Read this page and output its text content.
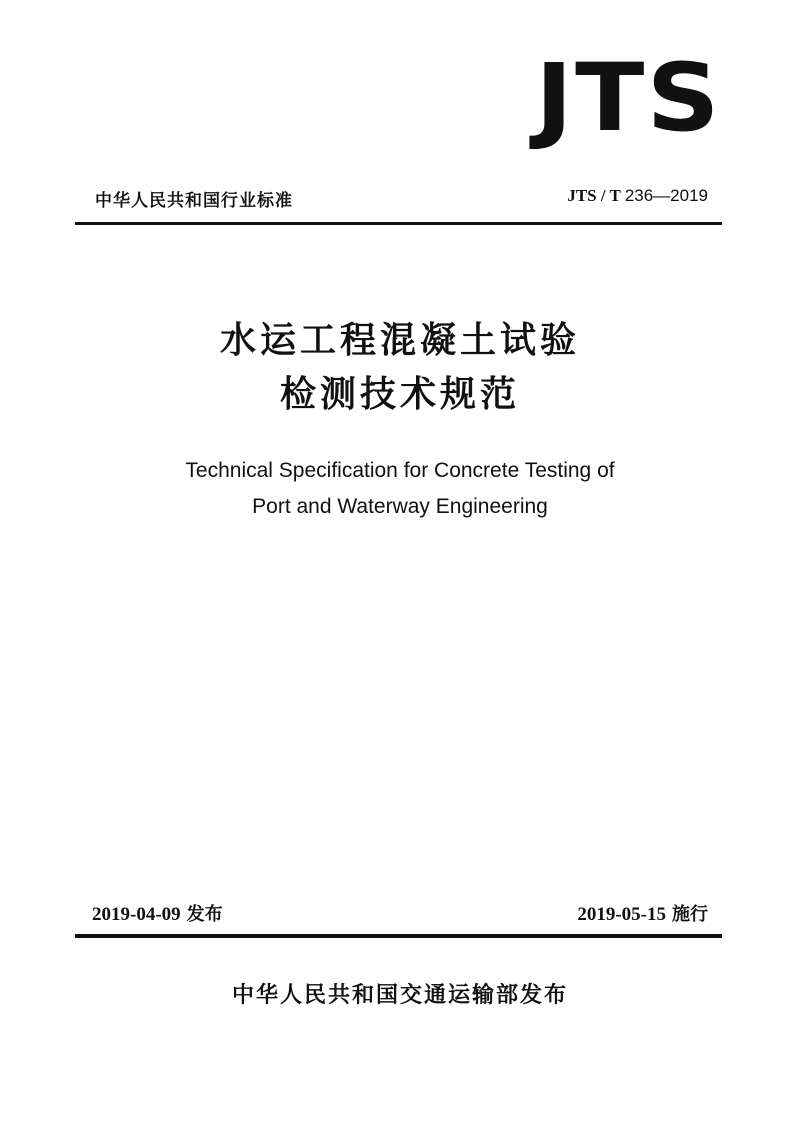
JTS
中华人民共和国行业标准	JTS / T 236—2019
水运工程混凝土试验
检测技术规范
Technical Specification for Concrete Testing of
Port and Waterway Engineering
2019-04-09 发布	2019-05-15 施行
中华人民共和国交通运输部发布
